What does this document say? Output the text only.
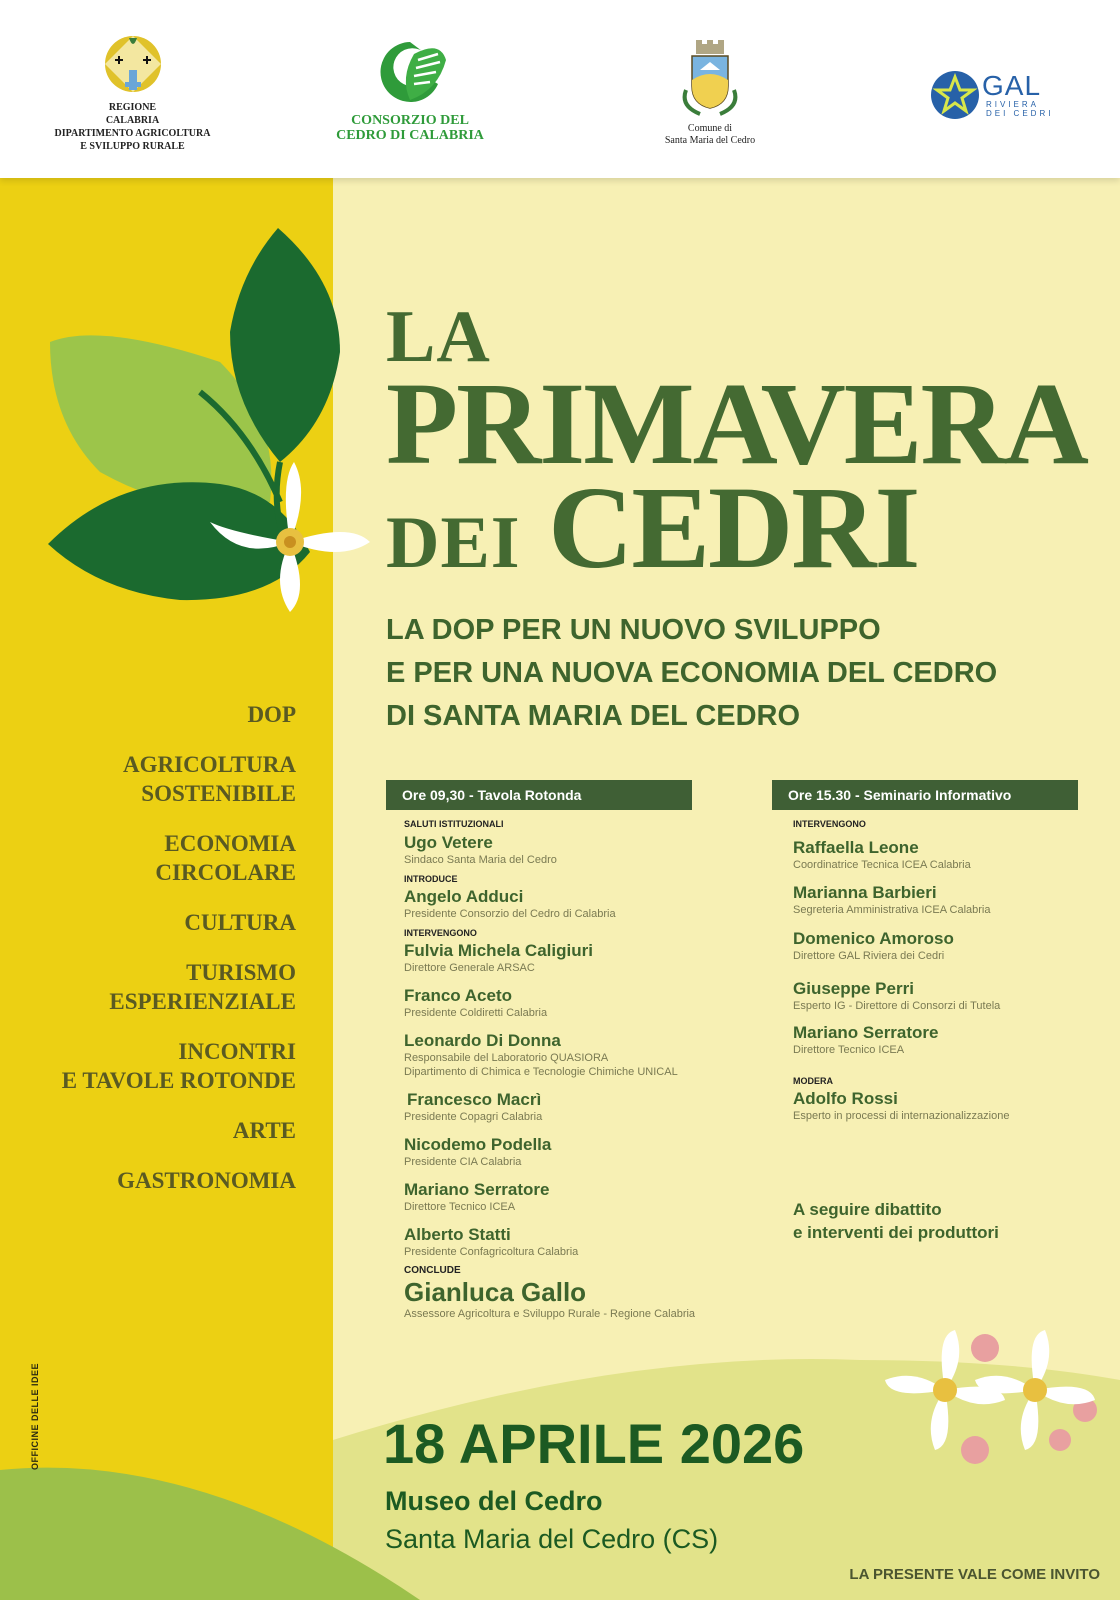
REGIONE
CALABRIA
DIPARTIMENTO AGRICOLTURA
E SVILUPPO RURALE
CONSORZIO DEL
CEDRO DI CALABRIA	Comune di
Santa Maria del Cedro
GAL
RIVIERA
DEI CEDRI
LA
PRIMAVERA
DEI CEDRI
LA DOP PER UN NUOVO SVILUPPO
E PER UNA NUOVA ECONOMIA DEL CEDRO
DI SANTA MARIA DEL CEDRO
DOP
AGRICOLTURA
SOSTENIBILE
ECONOMIA
CIRCOLARE
CULTURA
TURISMO
ESPERIENZIALE
INCONTRI
E TAVOLE ROTONDE
ARTE
GASTRONOMIA
Ore 09,30 - Tavola Rotonda	Ore 15.30 - Seminario Informativo
SALUTI ISTITUZIONALI
Ugo Vetere
Sindaco Santa Maria del Cedro
INTRODUCE
Angelo Adduci
Presidente Consorzio del Cedro di Calabria
INTERVENGONO
Fulvia Michela Caligiuri
Direttore Generale ARSAC
Franco Aceto
Presidente Coldiretti Calabria
Leonardo Di Donna
Responsabile del Laboratorio QUASIORA
Dipartimento di Chimica e Tecnologie Chimiche UNICAL
Francesco Macrì
Presidente Copagri Calabria
Nicodemo Podella
Presidente CIA Calabria
Mariano Serratore
Direttore Tecnico ICEA
Alberto Statti
Presidente Confagricoltura Calabria
CONCLUDE
Gianluca Gallo
Assessore Agricoltura e Sviluppo Rurale - Regione Calabria
INTERVENGONO
Raffaella Leone
Coordinatrice Tecnica ICEA Calabria
Marianna Barbieri
Segreteria Amministrativa ICEA Calabria
Domenico Amoroso
Direttore GAL Riviera dei Cedri
Giuseppe Perri
Esperto IG - Direttore di Consorzi di Tutela
Mariano Serratore
Direttore Tecnico ICEA
MODERA
Adolfo Rossi
Esperto in processi di internazionalizzazione
A seguire dibattito
e interventi dei produttori
18 APRILE 2026
Museo del Cedro
Santa Maria del Cedro (CS)
LA PRESENTE VALE COME INVITO
OFFICINE DELLE IDEE
